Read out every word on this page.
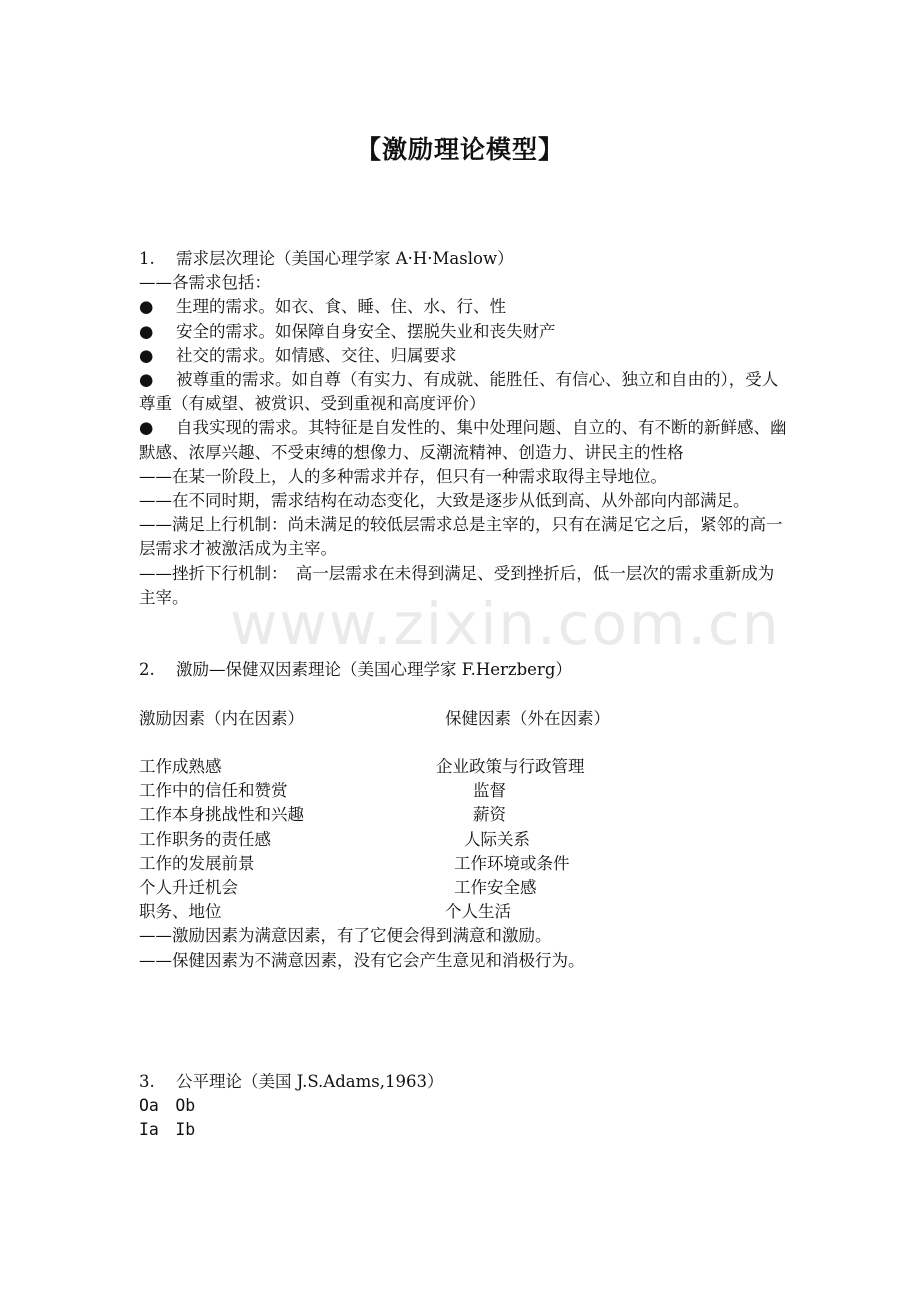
www.zixin.com.cn
【激励理论模型】
1. 需求层次理论（美国心理学家 A·H·Maslow）
——各需求包括：
● 生理的需求。如衣、食、睡、住、水、行、性
● 安全的需求。如保障自身安全、摆脱失业和丧失财产
● 社交的需求。如情感、交往、归属要求
● 被尊重的需求。如自尊（有实力、有成就、能胜任、有信心、独立和自由的），受人尊重（有威望、被赏识、受到重视和高度评价）
● 自我实现的需求。其特征是自发性的、集中处理问题、自立的、有不断的新鲜感、幽默感、浓厚兴趣、不受束缚的想像力、反潮流精神、创造力、讲民主的性格
——在某一阶段上，人的多种需求并存，但只有一种需求取得主导地位。
——在不同时期，需求结构在动态变化，大致是逐步从低到高、从外部向内部满足。
——满足上行机制：尚未满足的较低层需求总是主宰的，只有在满足它之后，紧邻的高一层需求才被激活成为主宰。
——挫折下行机制：　高一层需求在未得到满足、受到挫折后，低一层次的需求重新成为主宰。
2. 激励—保健双因素理论（美国心理学家 F.Herzberg）
激励因素（内在因素）	保健因素（外在因素）
工作成熟感	企业政策与行政管理
工作中的信任和赞赏	监督
工作本身挑战性和兴趣	薪资
工作职务的责任感	人际关系
工作的发展前景	工作环境或条件
个人升迁机会	工作安全感
职务、地位	个人生活
——激励因素为满意因素，有了它便会得到满意和激励。
——保健因素为不满意因素，没有它会产生意见和消极行为。
3. 公平理论（美国 J.S.Adams,1963）
Oa　Ob
Ia　Ib
